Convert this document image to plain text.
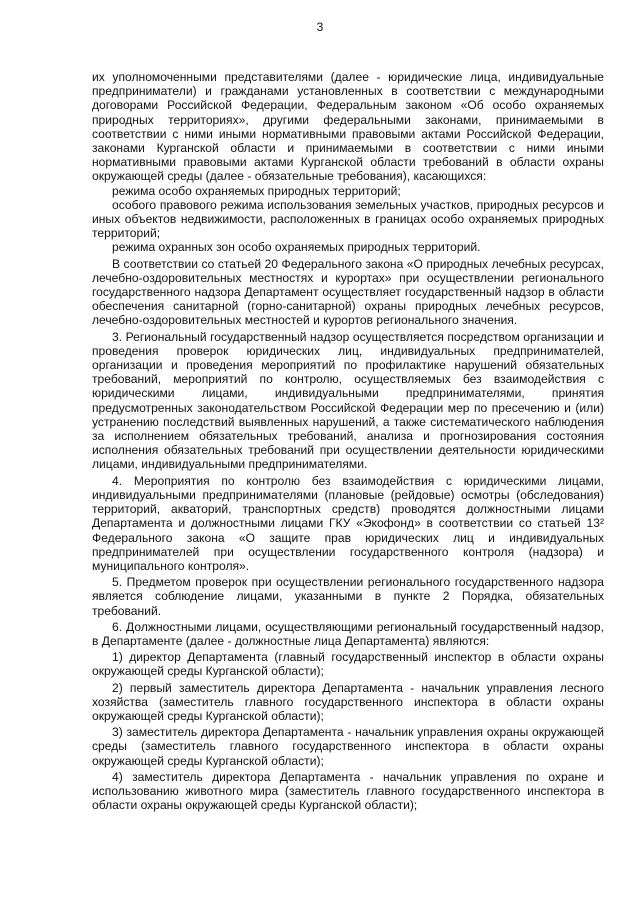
3

их уполномоченными представителями (далее - юридические лица, индивидуальные предприниматели) и гражданами установленных в соответствии с международными договорами Российской Федерации, Федеральным законом «Об особо охраняемых природных территориях», другими федеральными законами, принимаемыми в соответствии с ними иными нормативными правовыми актами Российской Федерации, законами Курганской области и принимаемыми в соответствии с ними иными нормативными правовыми актами Курганской области требований в области охраны окружающей среды (далее - обязательные требования), касающихся:

режима особо охраняемых природных территорий;

особого правового режима использования земельных участков, природных ресурсов и иных объектов недвижимости, расположенных в границах особо охраняемых природных территорий;

режима охранных зон особо охраняемых природных территорий.

В соответствии со статьей 20 Федерального закона «О природных лечебных ресурсах, лечебно-оздоровительных местностях и курортах» при осуществлении регионального государственного надзора Департамент осуществляет государственный надзор в области обеспечения санитарной (горно-санитарной) охраны природных лечебных ресурсов, лечебно-оздоровительных местностей и курортов регионального значения.

3. Региональный государственный надзор осуществляется посредством организации и проведения проверок юридических лиц, индивидуальных предпринимателей, организации и проведения мероприятий по профилактике нарушений обязательных требований, мероприятий по контролю, осуществляемых без взаимодействия с юридическими лицами, индивидуальными предпринимателями, принятия предусмотренных законодательством Российской Федерации мер по пресечению и (или) устранению последствий выявленных нарушений, а также систематического наблюдения за исполнением обязательных требований, анализа и прогнозирования состояния исполнения обязательных требований при осуществлении деятельности юридическими лицами, индивидуальными предпринимателями.

4. Мероприятия по контролю без взаимодействия с юридическими лицами, индивидуальными предпринимателями (плановые (рейдовые) осмотры (обследования) территорий, акваторий, транспортных средств) проводятся должностными лицами Департамента и должностными лицами ГКУ «Экофонд» в соответствии со статьей 13² Федерального закона «О защите прав юридических лиц и индивидуальных предпринимателей при осуществлении государственного контроля (надзора) и муниципального контроля».

5. Предметом проверок при осуществлении регионального государственного надзора является соблюдение лицами, указанными в пункте 2 Порядка, обязательных требований.

6. Должностными лицами, осуществляющими региональный государственный надзор, в Департаменте (далее - должностные лица Департамента) являются:

1) директор Департамента (главный государственный инспектор в области охраны окружающей среды Курганской области);

2) первый заместитель директора Департамента - начальник управления лесного хозяйства (заместитель главного государственного инспектора в области охраны окружающей среды Курганской области);

3) заместитель директора Департамента - начальник управления охраны окружающей среды (заместитель главного государственного инспектора в области охраны окружающей среды Курганской области);

4) заместитель директора Департамента - начальник управления по охране и использованию животного мира (заместитель главного государственного инспектора в области охраны окружающей среды Курганской области);
